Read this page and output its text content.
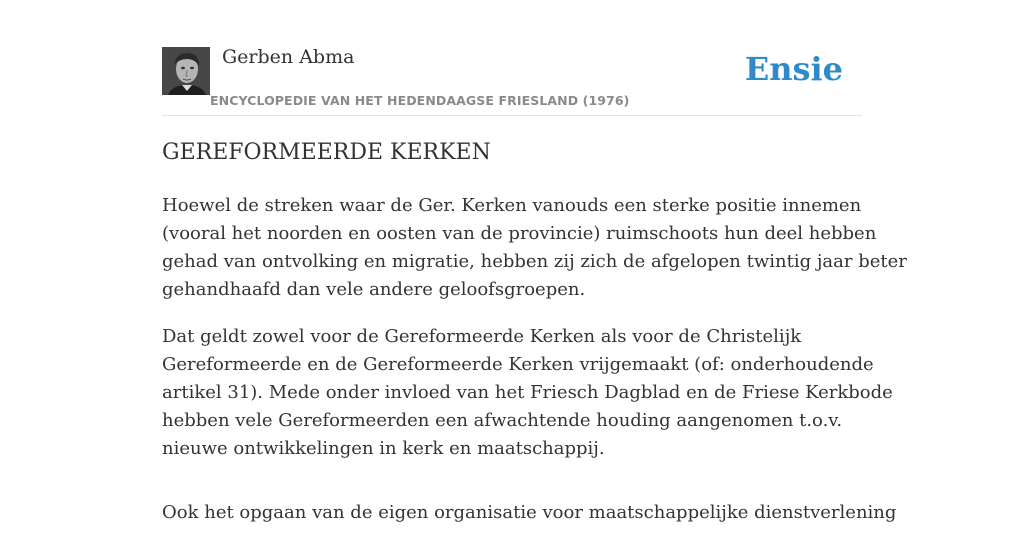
Gerben Abma
ENCYCLOPEDIE VAN HET HEDENDAAGSE FRIESLAND (1976)
Ensie
GEREFORMEERDE KERKEN

Hoewel de streken waar de Ger. Kerken vanouds een sterke positie innemen
(vooral het noorden en oosten van de provincie) ruimschoots hun deel hebben
gehad van ontvolking en migratie, hebben zij zich de afgelopen twintig jaar beter
gehandhaafd dan vele andere geloofsgroepen.

Dat geldt zowel voor de Gereformeerde Kerken als voor de Christelijk
Gereformeerde en de Gereformeerde Kerken vrijgemaakt (of: onderhoudende
artikel 31). Mede onder invloed van het Friesch Dagblad en de Friese Kerkbode
hebben vele Gereformeerden een afwachtende houding aangenomen t.o.v.
nieuwe ontwikkelingen in kerk en maatschappij.

Ook het opgaan van de eigen organisatie voor maatschappelijke dienstverlening
